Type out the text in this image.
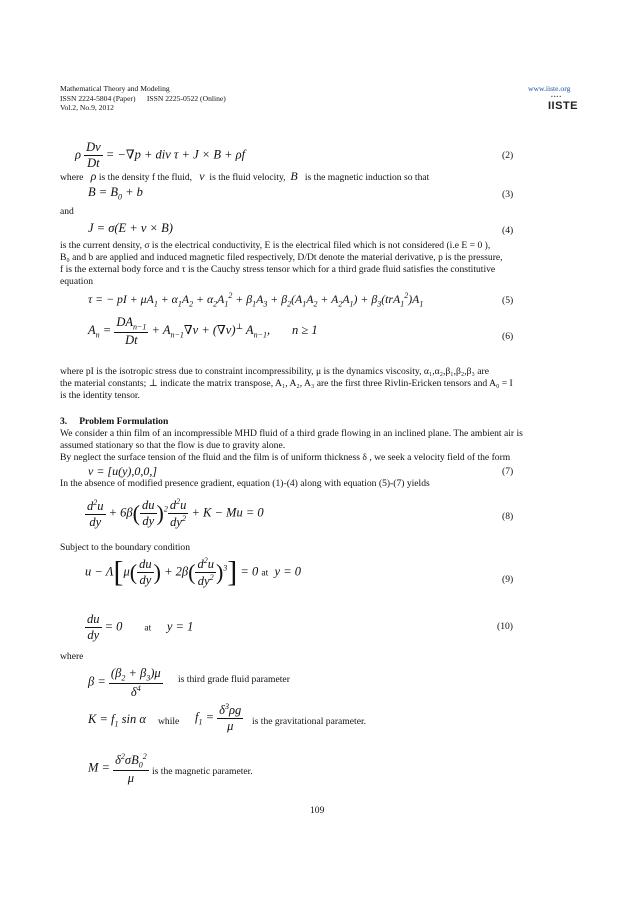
Mathematical Theory and Modeling
ISSN 2224-5804 (Paper)      ISSN 2225-0522 (Online)
Vol.2, No.9, 2012
www.iiste.org
▪▪▪▪
IISTE
ρ $\frac{Dv}{Dt} = -\nabla p$ + div τ + J × B + ρf	(2)
where   ρ is the density f the fluid, v is the fluid velocity, B is the magnetic induction so that
$B = B_0 + b$	(3)
and
J = σ(E + v × B)	(4)
is the current density, σ is the electrical conductivity, E is the electrical filed which is not considered (i.e E = 0 ),
B₀ and b are applied and induced magnetic filed respectively, D/Dt denote the material derivative, p is the pressure,
f is the external body force and τ is the Cauchy stress tensor which for a third grade fluid satisfies the constitutive
equation
τ = − pI + $\mu A_1 + \alpha_1A_2 + \alpha_2A_1^2 + \beta_1A_3 + \beta_2(A_1A_2 + A_2A_1) + \beta_3(trA_1^2)A_1$	(5)
$A_n = \frac{DA_{n-1}}{Dt} + A_{n-1}\nabla v + (\nabla v)^\perp$ $A_{n-1}$,       n ≥ 1	(6)
where pI is the isotropic stress due to constraint incompressibility, μ is the dynamics viscosity, α₁,α₂,β₁,β₂,β₃ are
the material constants; ⊥ indicate the matrix transpose, A₁, A₂, A₃ are the first three Rivlin-Ericken tensors and A₀ = I
is the identity tensor.
3.     Problem Formulation
We consider a thin film of an incompressible MHD fluid of a third grade flowing in an inclined plane. The ambient air is
assumed stationary so that the flow is due to gravity alone.
By neglect the surface tension of the fluid and the film is of uniform thickness δ , we seek a velocity field of the form
v = [u(y),0,0,]	(7)
In the absence of modified presence gradient, equation (1)-(4) along with equation (5)-(7) yields
$\frac{d^2u}{dy} + 6\beta( \frac{du}{dy} )^2 \frac{d^2u}{dy^2} + K - Mu = 0$	(8)
Subject to the boundary condition
$u - \Lambda[\mu( \frac{du}{dy}$ ) + $2\beta( \frac{d^2u}{dy^2} )^3] = 0$ at  y = 0
(9)
$\frac{du}{dy} = 0$       at     y = 1	(10)
where
$\beta = \frac{(\beta_2 + \beta_3)\mu}{\delta^4}$ is third grade fluid parameter
$K = f_1$ sin α while $f_1 = \frac{\delta^3\rho g}{\mu}$ is the gravitational parameter.
$M = \frac{\delta^2\sigma B_0^2}{\mu}$ is the magnetic parameter.
109
